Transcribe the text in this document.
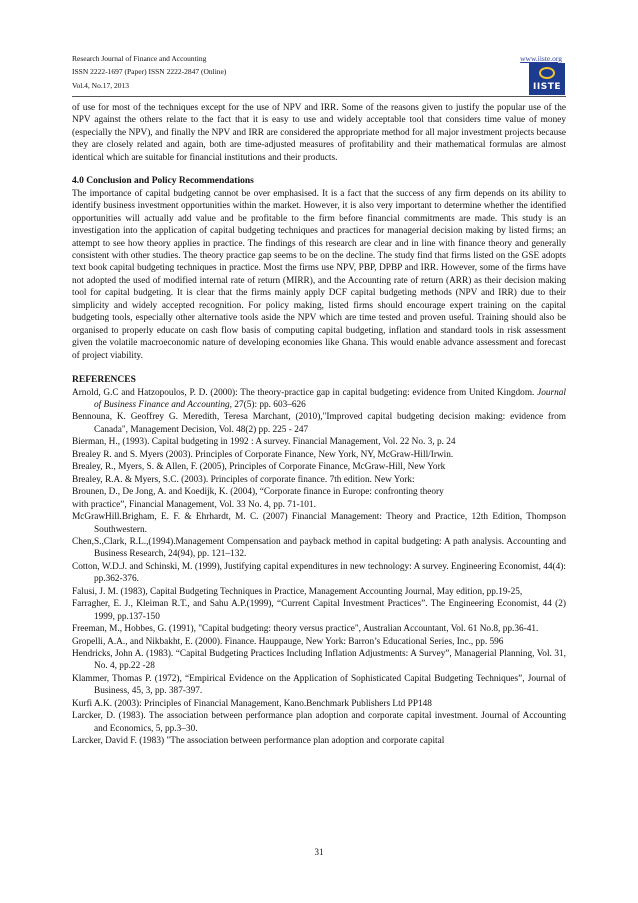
Research Journal of Finance and Accounting
ISSN 2222-1697 (Paper) ISSN 2222-2847 (Online)
Vol.4, No.17, 2013
www.iiste.org
IISTE

of use for most of the techniques except for the use of NPV and IRR. Some of the reasons given to justify the popular use of the NPV against the others relate to the fact that it is easy to use and widely acceptable tool that considers time value of money (especially the NPV), and finally the NPV and IRR are considered the appropriate method for all major investment projects because they are closely related and again, both are time-adjusted measures of profitability and their mathematical formulas are almost identical which are suitable for financial institutions and their products.

4.0 Conclusion and Policy Recommendations

The importance of capital budgeting cannot be over emphasised. It is a fact that the success of any firm depends on its ability to identify business investment opportunities within the market. However, it is also very important to determine whether the identified opportunities will actually add value and be profitable to the firm before financial commitments are made. This study is an investigation into the application of capital budgeting techniques and practices for managerial decision making by listed firms; an attempt to see how theory applies in practice. The findings of this research are clear and in line with finance theory and generally consistent with other studies. The theory practice gap seems to be on the decline. The study find that firms listed on the GSE adopts text book capital budgeting techniques in practice. Most the firms use NPV, PBP, DPBP and IRR. However, some of the firms have not adopted the used of modified internal rate of return (MIRR), and the Accounting rate of return (ARR) as their decision making tool for capital budgeting. It is clear that the firms mainly apply DCF capital budgeting methods (NPV and IRR) due to their simplicity and widely accepted recognition. For policy making, listed firms should encourage expert training on the capital budgeting tools, especially other alternative tools aside the NPV which are time tested and proven useful. Training should also be organised to properly educate on cash flow basis of computing capital budgeting, inflation and standard tools in risk assessment given the volatile macroeconomic nature of developing economies like Ghana. This would enable advance assessment and forecast of project viability.

REFERENCES

Arnold, G.C and Hatzopoulos, P. D. (2000): The theory-practice gap in capital budgeting: evidence from United Kingdom. Journal of Business Finance and Accounting, 27(5): pp. 603–626

Bennouna, K. Geoffrey G. Meredith, Teresa Marchant, (2010),"Improved capital budgeting decision making: evidence from Canada", Management Decision, Vol. 48(2) pp. 225 - 247

Bierman, H., (1993). Capital budgeting in 1992 : A survey. Financial Management, Vol. 22 No. 3, p. 24

Brealey R. and S. Myers (2003). Principles of Corporate Finance, New York, NY, McGraw-Hill/Irwin.

Brealey, R., Myers, S. & Allen, F. (2005), Principles of Corporate Finance, McGraw-Hill, New York

Brealey, R.A. & Myers, S.C. (2003). Principles of corporate finance. 7th edition. New York:

Brounen, D., De Jong, A. and Koedijk, K. (2004), “Corporate finance in Europe: confronting theory

with practice”, Financial Management, Vol. 33 No. 4, pp. 71-101.

McGrawHill.Brigham, E. F. & Ehrhardt, M. C. (2007) Financial Management: Theory and Practice, 12th Edition, Thompson Southwestern.

Chen,S.,Clark, R.L.,(1994).Management Compensation and payback method in capital budgeting: A path analysis. Accounting and Business Research, 24(94), pp. 121–132.

Cotton, W.D.J. and Schinski, M. (1999), Justifying capital expenditures in new technology: A survey. Engineering Economist, 44(4): pp.362-376.

Falusi, J. M. (1983), Capital Budgeting Techniques in Practice, Management Accounting Journal, May edition, pp.19-25,

Farragher, E. J., Kleiman R.T., and Sahu A.P.(1999), “Current Capital Investment Practices”. The Engineering Economist, 44 (2) 1999, pp.137-150

Freeman, M., Hobbes, G. (1991), "Capital budgeting: theory versus practice", Australian Accountant, Vol. 61 No.8, pp.36-41.

Gropelli, A.A., and Nikbakht, E. (2000). Finance. Hauppauge, New York: Barron’s Educational Series, Inc., pp. 596

Hendricks, John A. (1983). “Capital Budgeting Practices Including Inflation Adjustments: A Survey”, Managerial Planning, Vol. 31, No. 4, pp.22 -28

Klammer, Thomas P. (1972), “Empirical Evidence on the Application of Sophisticated Capital Budgeting Techniques”, Journal of Business, 45, 3, pp. 387-397.

Kurfi A.K. (2003): Principles of Financial Management, Kano.Benchmark Publishers Ltd PP148

Larcker, D. (1983). The association between performance plan adoption and corporate capital investment. Journal of Accounting and Economics, 5, pp.3–30.

Larcker, David F. (1983) "The association between performance plan adoption and corporate capital

31
